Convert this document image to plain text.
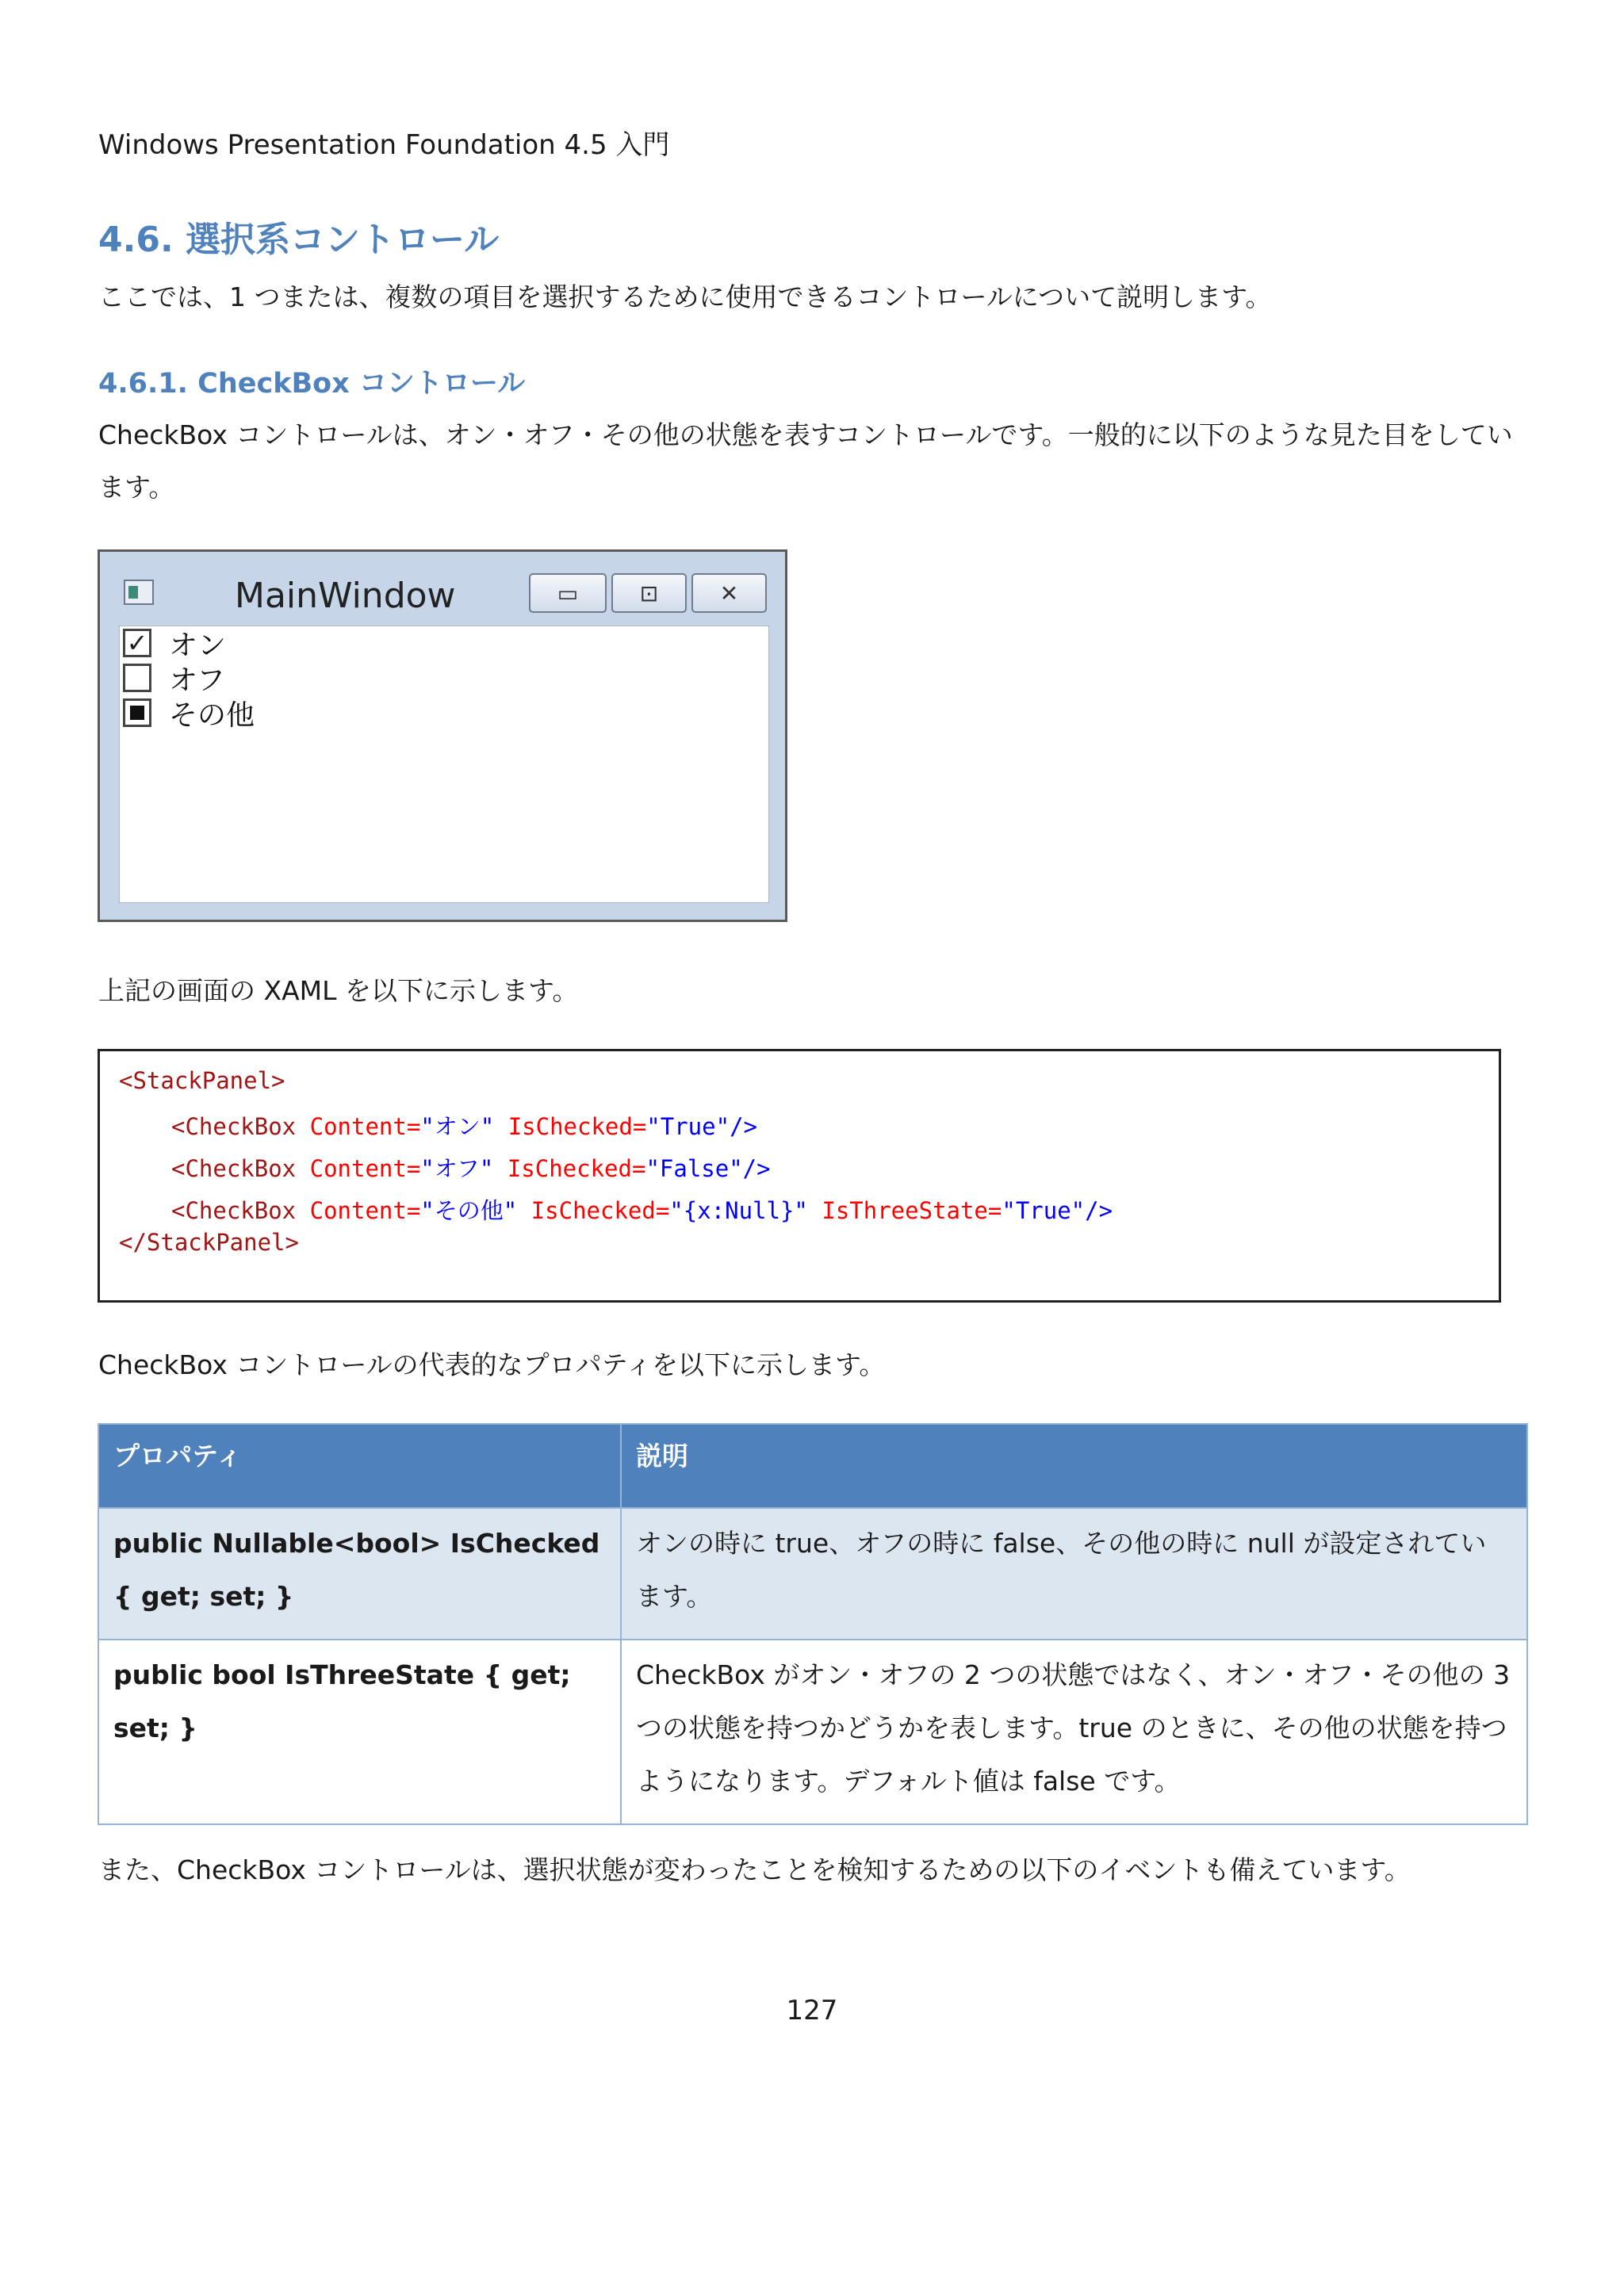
Windows Presentation Foundation 4.5 入門
4.6. 選択系コントロール
ここでは、1 つまたは、複数の項目を選択するために使用できるコントロールについて説明します。
4.6.1. CheckBox コントロール
CheckBox コントロールは、オン・オフ・その他の状態を表すコントロールです。一般的に以下のような見た目をしています。
MainWindow	▭	⊡	✕
✓ オン
オフ
その他
上記の画面の XAML を以下に示します。
<StackPanel>
<CheckBox Content="オン" IsChecked="True"/>
<CheckBox Content="オフ" IsChecked="False"/>
<CheckBox Content="その他" IsChecked="{x:Null}" IsThreeState="True"/>
</StackPanel>
CheckBox コントロールの代表的なプロパティを以下に示します。
プロパティ	説明
public Nullable<bool> IsChecked { get; set; }	オンの時に true、オフの時に false、その他の時に null が設定されています。
public bool IsThreeState { get; set; }	CheckBox がオン・オフの 2 つの状態ではなく、オン・オフ・その他の 3 つの状態を持つかどうかを表します。true のときに、その他の状態を持つようになります。デフォルト値は false です。
また、CheckBox コントロールは、選択状態が変わったことを検知するための以下のイベントも備えています。
127
